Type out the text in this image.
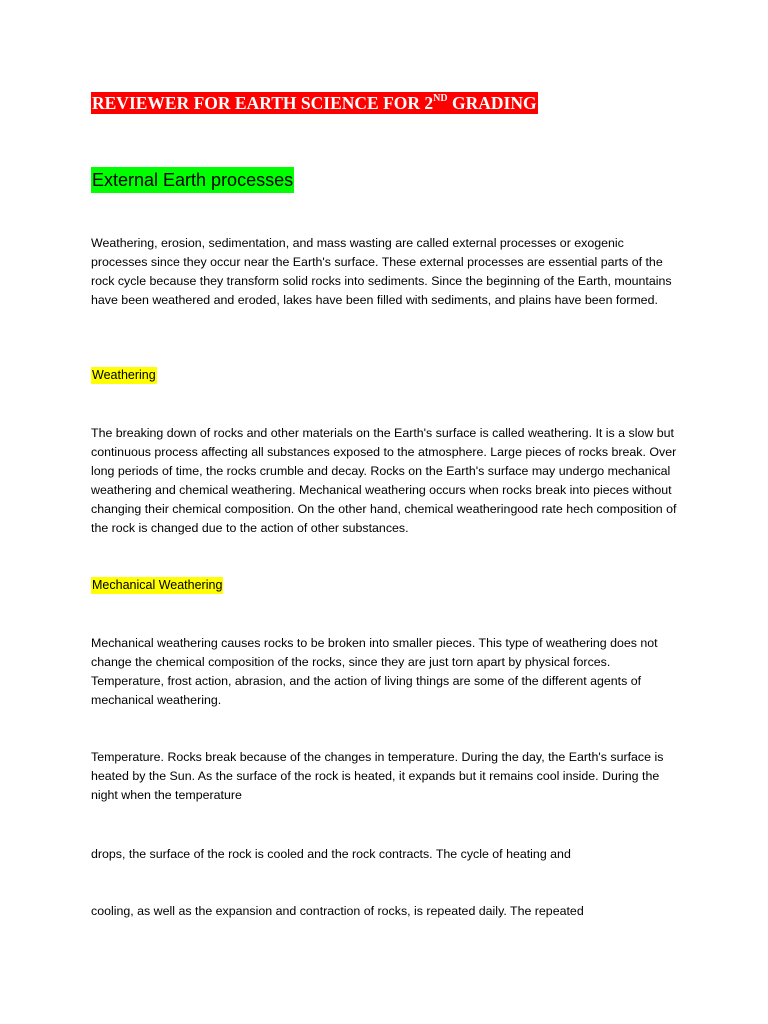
REVIEWER FOR EARTH SCIENCE FOR 2ND GRADING
External Earth processes

Weathering, erosion, sedimentation, and mass wasting are called external processes or exogenic processes since they occur near the Earth's surface. These external processes are essential parts of the rock cycle because they transform solid rocks into sediments. Since the beginning of the Earth, mountains have been weathered and eroded, lakes have been filled with sediments, and plains have been formed.

Weathering

The breaking down of rocks and other materials on the Earth's surface is called weathering. It is a slow but continuous process affecting all substances exposed to the atmosphere. Large pieces of rocks break. Over long periods of time, the rocks crumble and decay. Rocks on the Earth's surface may undergo mechanical weathering and chemical weathering. Mechanical weathering occurs when rocks break into pieces without changing their chemical composition. On the other hand, chemical weatheringood rate hech composition of the rock is changed due to the action of other substances.

Mechanical Weathering

Mechanical weathering causes rocks to be broken into smaller pieces. This type of weathering does not change the chemical composition of the rocks, since they are just torn apart by physical forces. Temperature, frost action, abrasion, and the action of living things are some of the different agents of mechanical weathering.

Temperature. Rocks break because of the changes in temperature. During the day, the Earth's surface is heated by the Sun. As the surface of the rock is heated, it expands but it remains cool inside. During the night when the temperature

drops, the surface of the rock is cooled and the rock contracts. The cycle of heating and

cooling, as well as the expansion and contraction of rocks, is repeated daily. The repeated
